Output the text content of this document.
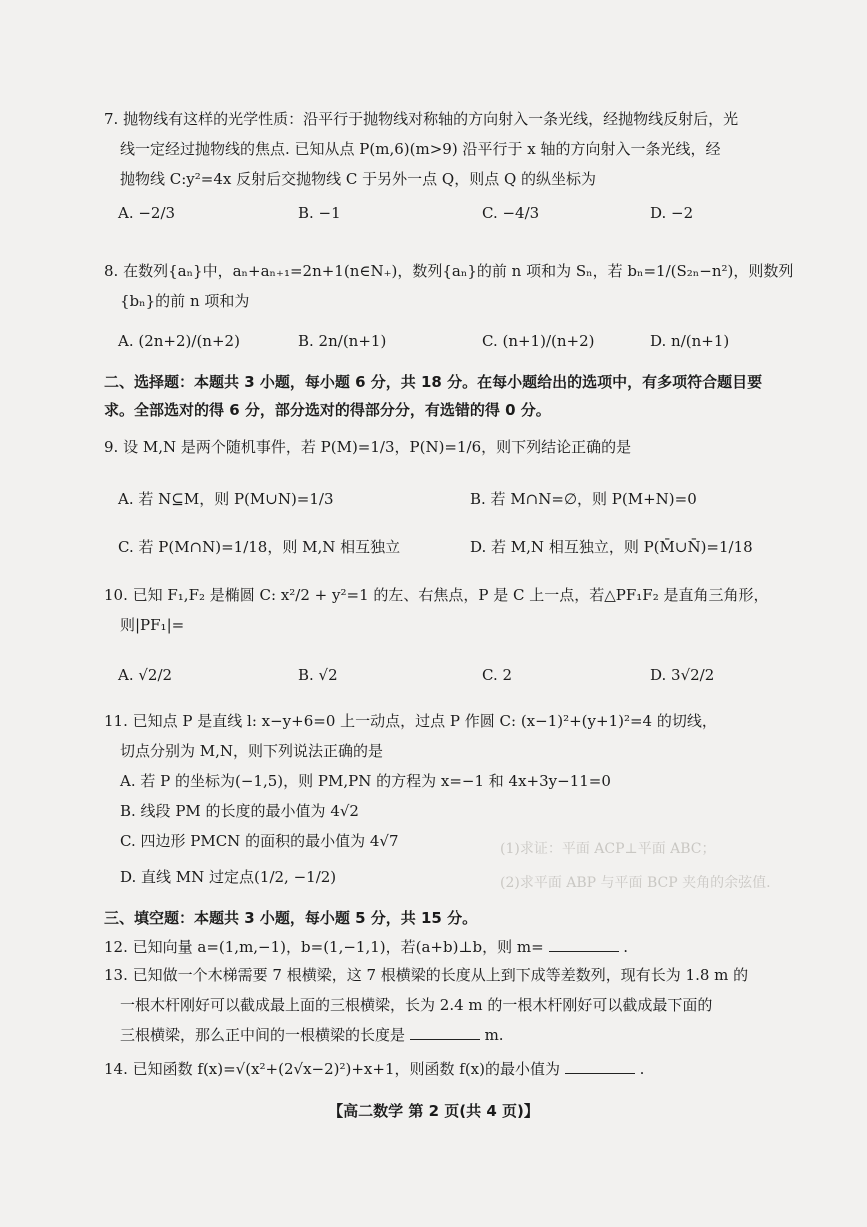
(1)求证：平面 ACP⊥平面 ABC；
(2)求平面 ABP 与平面 BCP 夹角的余弦值.
7. 抛物线有这样的光学性质：沿平行于抛物线对称轴的方向射入一条光线，经抛物线反射后，光
线一定经过抛物线的焦点. 已知从点 P(m,6)(m>9) 沿平行于 x 轴的方向射入一条光线，经
抛物线 C:y²=4x 反射后交抛物线 C 于另外一点 Q，则点 Q 的纵坐标为
A. −2/3	B. −1	C. −4/3	D. −2
8. 在数列{aₙ}中，aₙ+aₙ₊₁=2n+1(n∈N₊)，数列{aₙ}的前 n 项和为 Sₙ，若 bₙ=1/(S₂ₙ−n²)，则数列
{bₙ}的前 n 项和为
A. (2n+2)/(n+2)	B. 2n/(n+1)	C. (n+1)/(n+2)	D. n/(n+1)
二、选择题：本题共 3 小题，每小题 6 分，共 18 分。在每小题给出的选项中，有多项符合题目要
求。全部选对的得 6 分，部分选对的得部分分，有选错的得 0 分。
9. 设 M,N 是两个随机事件，若 P(M)=1/3，P(N)=1/6，则下列结论正确的是
A. 若 N⊆M，则 P(M∪N)=1/3	B. 若 M∩N=∅，则 P(M+N)=0
C. 若 P(M∩N)=1/18，则 M,N 相互独立	D. 若 M,N 相互独立，则 P(M̄∪N̄)=1/18
10. 已知 F₁,F₂ 是椭圆 C: x²/2 + y²=1 的左、右焦点，P 是 C 上一点，若△PF₁F₂ 是直角三角形，
则|PF₁|=
A. √2/2	B. √2	C. 2	D. 3√2/2
11. 已知点 P 是直线 l: x−y+6=0 上一动点，过点 P 作圆 C: (x−1)²+(y+1)²=4 的切线，
切点分别为 M,N，则下列说法正确的是
A. 若 P 的坐标为(−1,5)，则 PM,PN 的方程为 x=−1 和 4x+3y−11=0
B. 线段 PM 的长度的最小值为 4√2
C. 四边形 PMCN 的面积的最小值为 4√7
D. 直线 MN 过定点(1/2, −1/2)
三、填空题：本题共 3 小题，每小题 5 分，共 15 分。
12. 已知向量 a=(1,m,−1)，b=(1,−1,1)，若(a+b)⊥b，则 m=	.
13. 已知做一个木梯需要 7 根横梁，这 7 根横梁的长度从上到下成等差数列，现有长为 1.8 m 的
一根木杆刚好可以截成最上面的三根横梁，长为 2.4 m 的一根木杆刚好可以截成最下面的
三根横梁，那么正中间的一根横梁的长度是	m.
14. 已知函数 f(x)=√(x²+(2√x−2)²)+x+1，则函数 f(x)的最小值为	.
【高二数学 第 2 页(共 4 页)】
